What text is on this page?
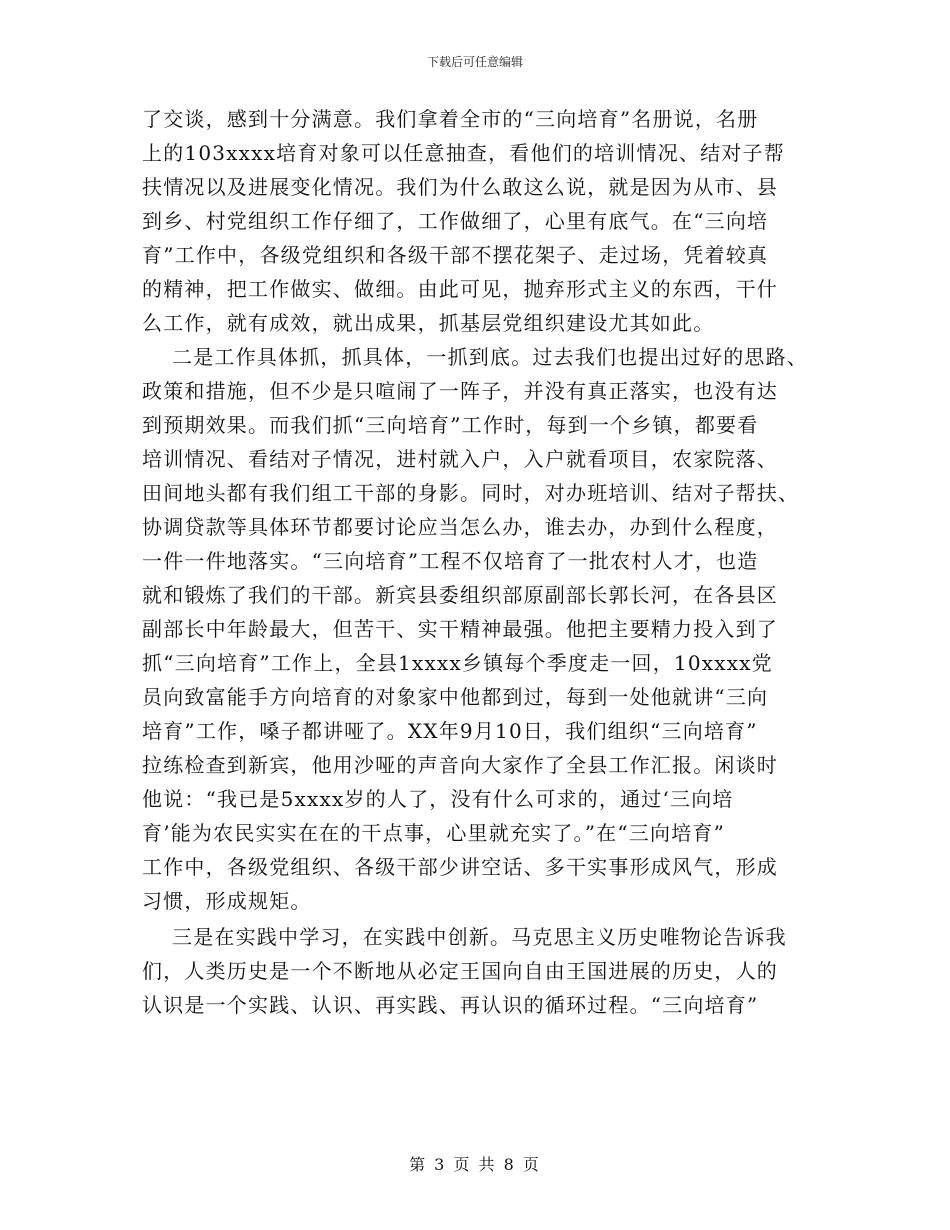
下载后可任意编辑
了交谈，感到十分满意。我们拿着全市的“三向培育”名册说，名册
上的103xxxx培育对象可以任意抽查，看他们的培训情况、结对子帮
扶情况以及进展变化情况。我们为什么敢这么说，就是因为从市、县
到乡、村党组织工作仔细了，工作做细了，心里有底气。在“三向培
育”工作中，各级党组织和各级干部不摆花架子、走过场，凭着较真
的精神，把工作做实、做细。由此可见，抛弃形式主义的东西，干什
么工作，就有成效，就出成果，抓基层党组织建设尤其如此。
二是工作具体抓，抓具体，一抓到底。过去我们也提出过好的思路、
政策和措施，但不少是只喧闹了一阵子，并没有真正落实，也没有达
到预期效果。而我们抓“三向培育”工作时，每到一个乡镇，都要看
培训情况、看结对子情况，进村就入户，入户就看项目，农家院落、
田间地头都有我们组工干部的身影。同时，对办班培训、结对子帮扶、
协调贷款等具体环节都要讨论应当怎么办，谁去办，办到什么程度，
一件一件地落实。“三向培育”工程不仅培育了一批农村人才，也造
就和锻炼了我们的干部。新宾县委组织部原副部长郭长河，在各县区
副部长中年龄最大，但苦干、实干精神最强。他把主要精力投入到了
抓“三向培育”工作上，全县1xxxx乡镇每个季度走一回，10xxxx党
员向致富能手方向培育的对象家中他都到过，每到一处他就讲“三向
培育”工作，嗓子都讲哑了。XX年9月10日，我们组织“三向培育”
拉练检查到新宾，他用沙哑的声音向大家作了全县工作汇报。闲谈时
他说：“我已是5xxxx岁的人了，没有什么可求的，通过‘三向培
育’能为农民实实在在的干点事，心里就充实了。”在“三向培育”
工作中，各级党组织、各级干部少讲空话、多干实事形成风气，形成
习惯，形成规矩。
三是在实践中学习，在实践中创新。马克思主义历史唯物论告诉我
们，人类历史是一个不断地从必定王国向自由王国进展的历史，人的
认识是一个实践、认识、再实践、再认识的循环过程。“三向培育”
第 3 页 共 8 页
